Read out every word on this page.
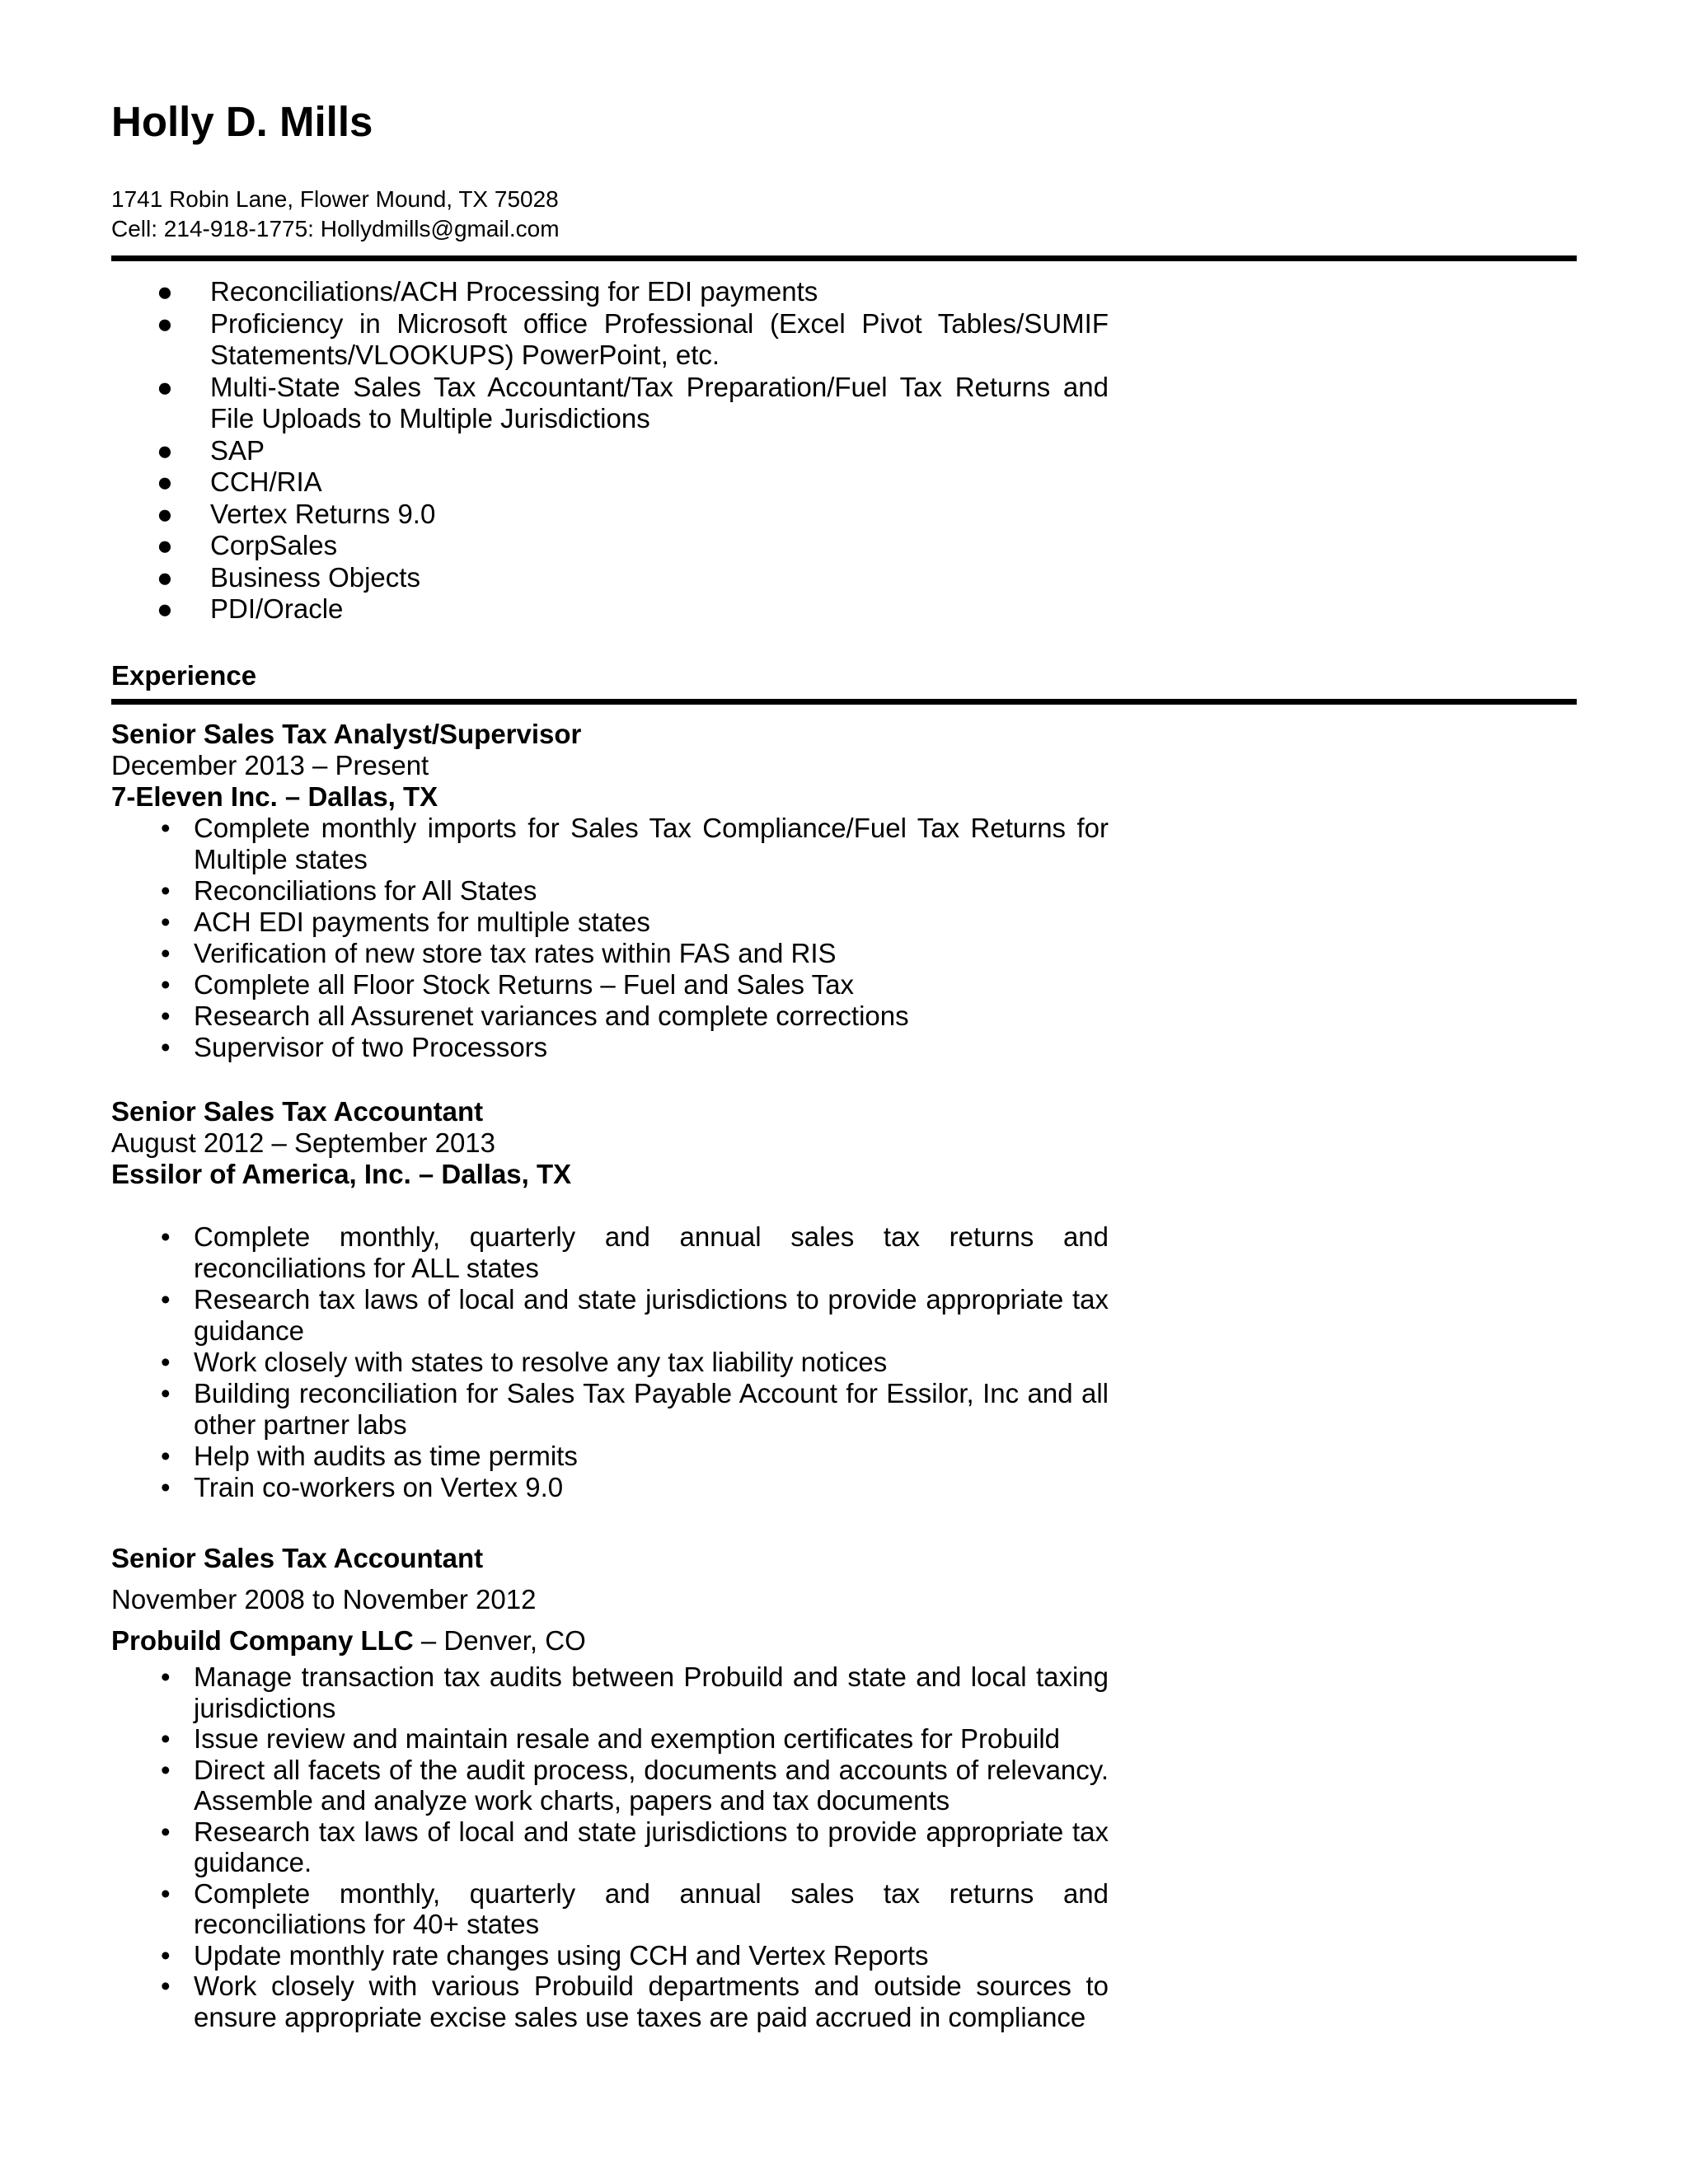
Holly D. Mills

1741 Robin Lane, Flower Mound, TX 75028

Cell: 214-918-1775: Hollydmills@gmail.com

● Reconciliations/ACH Processing for EDI payments
● Proficiency in Microsoft office Professional (Excel Pivot Tables/SUMIF Statements/VLOOKUPS) PowerPoint, etc.
● Multi-State Sales Tax Accountant/Tax Preparation/Fuel Tax Returns and File Uploads to Multiple Jurisdictions
● SAP
● CCH/RIA
● Vertex Returns 9.0
● CorpSales
● Business Objects
● PDI/Oracle
Experience

Senior Sales Tax Analyst/Supervisor

December 2013 – Present

7-Eleven Inc. – Dallas, TX

• Complete monthly imports for Sales Tax Compliance/Fuel Tax Returns for Multiple states
• Reconciliations for All States
• ACH EDI payments for multiple states
• Verification of new store tax rates within FAS and RIS
• Complete all Floor Stock Returns – Fuel and Sales Tax
• Research all Assurenet variances and complete corrections
• Supervisor of two Processors

Senior Sales Tax Accountant

August 2012 – September 2013

Essilor of America, Inc. – Dallas, TX

• Complete monthly, quarterly and annual sales tax returns and reconciliations for ALL states
• Research tax laws of local and state jurisdictions to provide appropriate tax guidance
• Work closely with states to resolve any tax liability notices
• Building reconciliation for Sales Tax Payable Account for Essilor, Inc and all other partner labs
• Help with audits as time permits
• Train co-workers on Vertex 9.0

Senior Sales Tax Accountant

November 2008 to November 2012

Probuild Company LLC – Denver, CO

• Manage transaction tax audits between Probuild and state and local taxing jurisdictions
• Issue review and maintain resale and exemption certificates for Probuild
• Direct all facets of the audit process, documents and accounts of relevancy. Assemble and analyze work charts, papers and tax documents
• Research tax laws of local and state jurisdictions to provide appropriate tax guidance.
• Complete monthly, quarterly and annual sales tax returns and reconciliations for 40+ states
• Update monthly rate changes using CCH and Vertex Reports
• Work closely with various Probuild departments and outside sources to ensure appropriate excise sales use taxes are paid accrued in compliance
